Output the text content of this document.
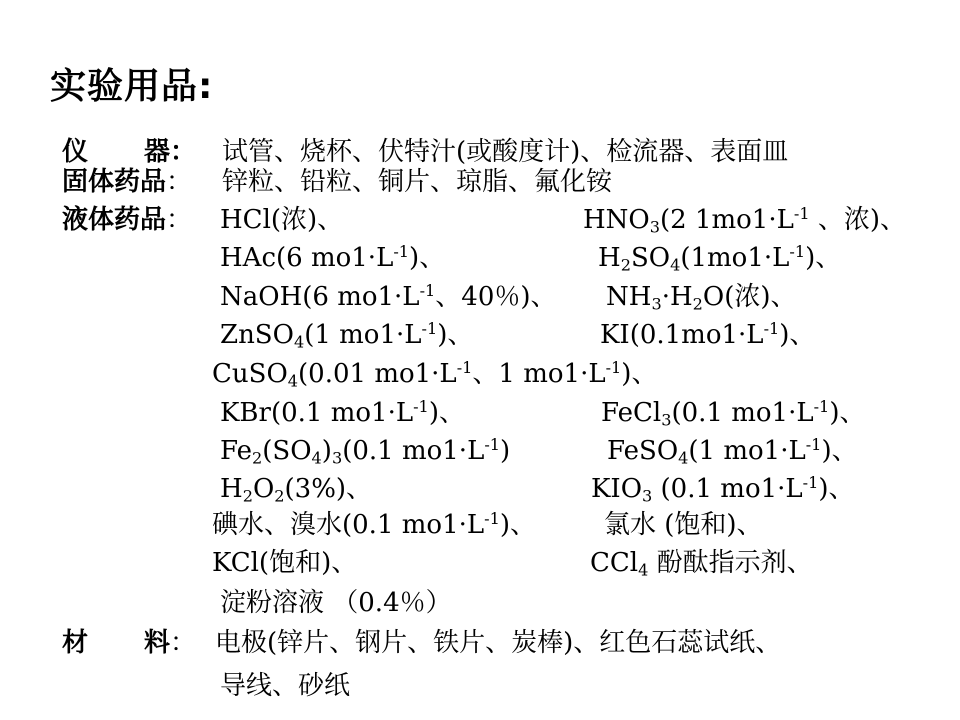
实验用品:
仪 器： 试管、烧杯、伏特汁(或酸度计)、检流器、表面皿
固体药品： 锌粒、铅粒、铜片、琼脂、氟化铵
液体药品： HCl(浓)、
HAc(6 $mo1\cdot L^{-1}$)、
NaOH(6 $mo1\cdot L^{-1}$、40％)、
ZnSO$_4$(1 $mo1\cdot L^{-1}$)、
CuSO$_4$(0.01 $mo1\cdot L^{-1}$、1 $mo1\cdot L^{-1}$)、
KBr(0.1 $mo1\cdot L^{-1}$)、
$Fe_2(SO_4)_3(0.1$ $mo1\cdot L^{-1}$)
$H_2O_2(3\%)$、
碘水、溴水(0.1 $mo1\cdot L^{-1}$)、
KCl(饱和)、
淀粉溶液 （0.4％）
$HNO_3(2$ $1mo1\cdot L^{-1}$ 、浓)、
$H_2SO_4(1mo1\cdot L^{-1})$、
$NH_3\cdot H_2O$(浓)、
$KI(0.1mo1\cdot L^{-1})$、
FeCl$_3$(0.1 $mo1\cdot L^{-1}$)、
FeSO$_4$(1 $mo1\cdot L^{-1}$)、
$KIO_3$ (0.1 $mo1\cdot L^{-1}$)、
氯水 (饱和)、
CCl$_4$ 酚酞指示剂、
材 料： 电极(锌片、钢片、铁片、炭棒)、红色石蕊试纸、
导线、砂纸
